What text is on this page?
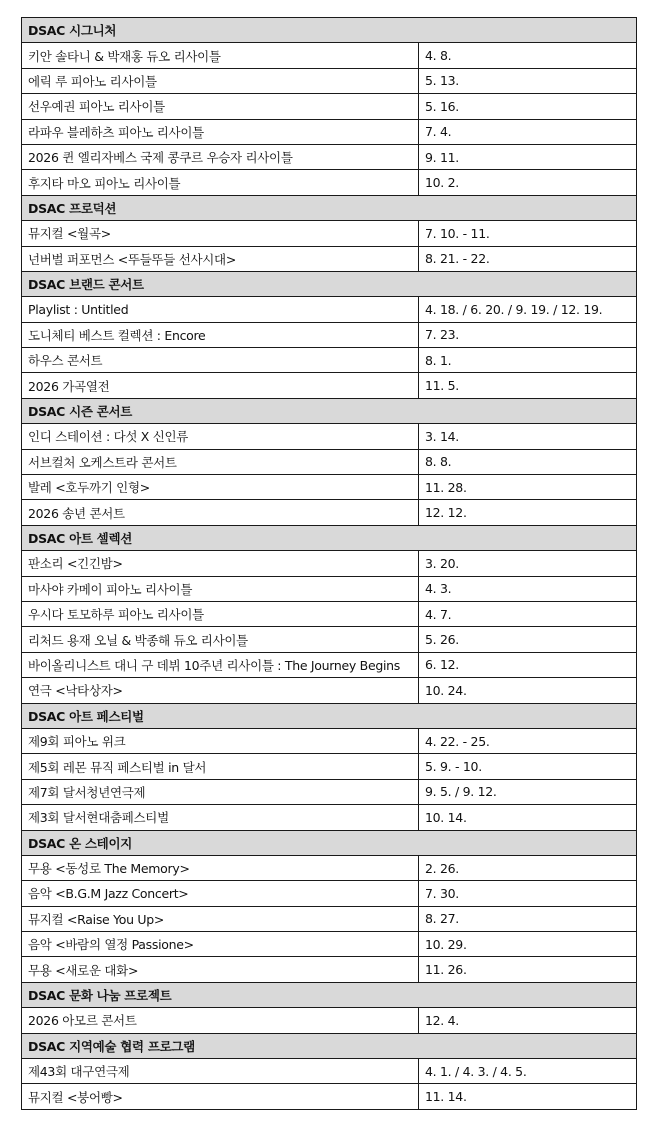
DSAC 시그니처	
키안 솔타니 & 박재홍 듀오 리사이틀	4. 8.
에릭 루 피아노 리사이틀	5. 13.
선우예권 피아노 리사이틀	5. 16.
라파우 블레하츠 피아노 리사이틀	7. 4.
2026 퀸 엘리자베스 국제 콩쿠르 우승자 리사이틀	9. 11.
후지타 마오 피아노 리사이틀	10. 2.
DSAC 프로덕션	
뮤지컬 <월곡>	7. 10. - 11.
넌버벌 퍼포먼스 <뚜들뚜들 선사시대>	8. 21. - 22.
DSAC 브랜드 콘서트	
Playlist : Untitled	4. 18. / 6. 20. / 9. 19. / 12. 19.
도니체티 베스트 컬렉션 : Encore	7. 23.
하우스 콘서트	8. 1.
2026 가곡열전	11. 5.
DSAC 시즌 콘서트	
인디 스테이션 : 다섯 X 신인류	3. 14.
서브컬처 오케스트라 콘서트	8. 8.
발레 <호두까기 인형>	11. 28.
2026 송년 콘서트	12. 12.
DSAC 아트 셀렉션	
판소리 <긴긴밤>	3. 20.
마사야 카메이 피아노 리사이틀	4. 3.
우시다 토모하루 피아노 리사이틀	4. 7.
리처드 용재 오닐 & 박종해 듀오 리사이틀	5. 26.
바이올리니스트 대니 구 데뷔 10주년 리사이틀 : The Journey Begins	6. 12.
연극 <낙타상자>	10. 24.
DSAC 아트 페스티벌	
제9회 피아노 위크	4. 22. - 25.
제5회 레몬 뮤직 페스티벌 in 달서	5. 9. - 10.
제7회 달서청년연극제	9. 5. / 9. 12.
제3회 달서현대춤페스티벌	10. 14.
DSAC 온 스테이지	
무용 <동성로 The Memory>	2. 26.
음악 <B.G.M Jazz Concert>	7. 30.
뮤지컬 <Raise You Up>	8. 27.
음악 <바람의 열정 Passione>	10. 29.
무용 <새로운 대화>	11. 26.
DSAC 문화 나눔 프로젝트	
2026 아모르 콘서트	12. 4.
DSAC 지역예술 협력 프로그램	
제43회 대구연극제	4. 1. / 4. 3. / 4. 5.
뮤지컬 <붕어빵>	11. 14.
